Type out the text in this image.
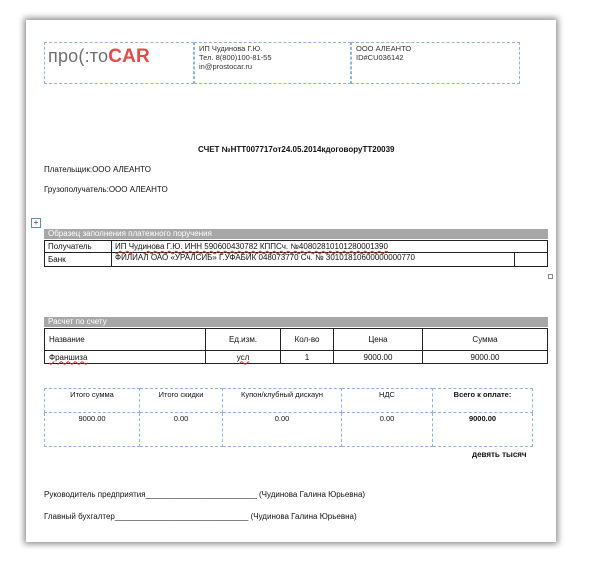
про(:тоCAR	ИП Чудинова Г.Ю.
Тел. 8(800)100-81-55
in@prostocar.ru
ООО АЛЕАНТО
ID#CU036142
СЧЕТ №НТТ007717от24.05.2014кдоговоруТТ20039
Плательщик:ООО АЛЕАНТО
Грузополучатель:ООО АЛЕАНТО
+
Образец заполнения платежного поручения
Получатель	ИП Чудинова Г.Ю. ИНН 590600430782 КППСч. №40802810101280001390	
Банк	ФИЛИАЛ ОАО «УРАЛСИБ» Г.УФАБИК 048073770 Сч. № 30101810600000000770	
Расчет по счету
Название	Ед.изм.	Кол-во	Цена	Сумма
Франшиза	усл	1	9000.00	9000.00
Итого сумма	Итого скидки	Купон/клубный дискаун	НДС	Всего к оплате:
9000.00	0.00	0.00	0.00	9000.00
девять тысяч
Руководитель предприятия_________________________ (Чудинова Галина Юрьевна)
Главный бухгалтер______________________________ (Чудинова Галина Юрьевна)
